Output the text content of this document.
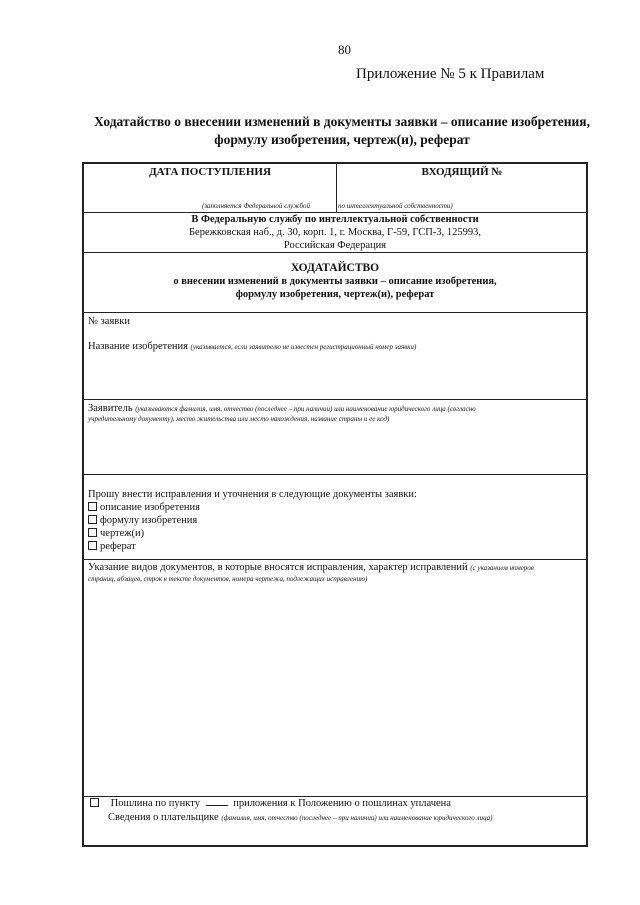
80
Приложение № 5 к Правилам
Ходатайство о внесении изменений в документы заявки – описание изобретения,
формулу изобретения, чертеж(и), реферат
ДАТА ПОСТУПЛЕНИЯ	ВХОДЯЩИЙ №
(заполняется Федеральной службой	по интеллектуальной собственности)
В Федеральную службу по интеллектуальной собственности
Бережковская наб., д. 30, корп. 1, г. Москва, Г-59, ГСП-3, 125993,
Российская Федерация
ХОДАТАЙСТВО
о внесении изменений в документы заявки – описание изобретения,
формулу изобретения, чертеж(и), реферат
№ заявки
Название изобретения (указывается, если заявителю не известен регистрационный номер заявки)
Заявитель (указываются фамилия, имя, отчество (последнее – при наличии) или наименование юридического лица (согласно
учредительному документу), место жительства или место нахождения, название страны и ее код)
Прошу внести исправления и уточнения в следующие документы заявки:
описание изобретения
формулу изобретения
чертеж(и)
реферат
Указание видов документов, в которые вносятся исправления, характер исправлений (с указанием номеров
страниц, абзацев, строк в тексте документов, номера чертежа, подлежащих исправлению)
Пошлина по пункту	приложения к Положению о пошлинах уплачена
Сведения о плательщике (фамилия, имя, отчество (последнее – при наличии) или наименование юридического лица)
